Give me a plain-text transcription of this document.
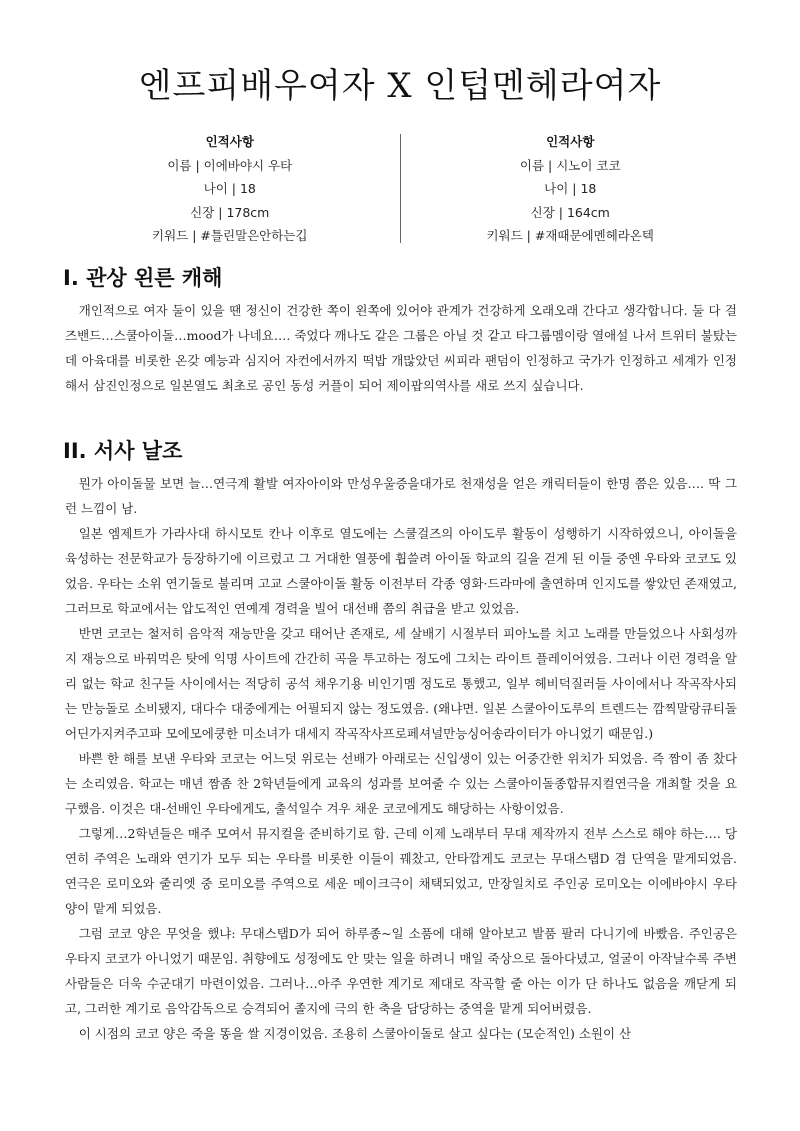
엔프피배우여자 X 인텁멘헤라여자
인적사항
이름 | 이에바야시 우타
나이 | 18
신장 | 178cm
키워드 | #틀린말은안하는깁
인적사항
이름 | 시노이 코코
나이 | 18
신장 | 164cm
키워드 | #재때문에멘헤라온텍
I. 관상 왼른 캐해

개인적으로 여자 둘이 있을 땐 정신이 건강한 쪽이 왼쪽에 있어야 관계가 건강하게 오래오래 간다고 생각합니다. 둘 다 걸즈밴드…스쿨아이돌…mood가 나네요…. 죽었다 깨나도 같은 그룹은 아닐 것 같고 타그룹멤이랑 열애설 나서 트위터 불탔는데 아육대를 비롯한 온갖 예능과 심지어 자컨에서까지 떡밥 개많았던 씨피라 팬덤이 인정하고 국가가 인정하고 세계가 인정해서 삼진인정으로 일본열도 최초로 공인 동성 커플이 되어 제이팝의역사를 새로 쓰지 싶습니다.

II. 서사 날조

뭔가 아이돌물 보면 늘…연극계 활발 여자아이와 만성우울증을대가로 천재성을 얻은 캐릭터들이 한명 쯤은 있음…. 딱 그런 느낌이 남.

일본 엠제트가 가라사대 하시모토 칸나 이후로 열도에는 스쿨걸즈의 아이도루 활동이 성행하기 시작하였으니, 아이돌을 육성하는 전문학교가 등장하기에 이르렀고 그 거대한 열풍에 휩쓸려 아이돌 학교의 길을 걷게 된 이들 중엔 우타와 코코도 있었음. 우타는 소위 연기돌로 불리며 고교 스쿨아이돌 활동 이전부터 각종 영화·드라마에 출연하며 인지도를 쌓았던 존재였고, 그러므로 학교에서는 압도적인 연예계 경력을 빌어 대선배 쯤의 취급을 받고 있었음.

반면 코코는 철저히 음악적 재능만을 갖고 태어난 존재로, 세 살배기 시절부터 피아노를 치고 노래를 만들었으나 사회성까지 재능으로 바꿔먹은 탓에 익명 사이트에 간간히 곡을 투고하는 정도에 그치는 라이트 플레이어였음. 그러나 이런 경력을 알 리 없는 학교 친구들 사이에서는 적당히 공석 채우기용 비인기멤 정도로 통했고, 일부 헤비덕질러들 사이에서나 작곡작사되는 만능돌로 소비됐지, 대다수 대중에게는 어필되지 않는 정도였음. (왜냐면. 일본 스쿨아이도루의 트렌드는 깜찍말랑큐티돌 어딘가지켜주고파 모에모에쿵한 미소녀가 대세지 작곡작사프로페셔널만능싱어송라이터가 아니었기 때문임.)

바쁜 한 해를 보낸 우타와 코코는 어느덧 위로는 선배가 아래로는 신입생이 있는 어중간한 위치가 되었음. 즉 짬이 좀 찼다는 소리였음. 학교는 매년 짬좀 찬 2학년들에게 교육의 성과를 보여줄 수 있는 스쿨아이돌종합뮤지컬연극을 개최할 것을 요구했음. 이것은 대-선배인 우타에게도, 출석일수 겨우 채운 코코에게도 해당하는 사항이었음.

그렇게…2학년들은 매주 모여서 뮤지컬을 준비하기로 함. 근데 이제 노래부터 무대 제작까지 전부 스스로 해야 하는…. 당연히 주역은 노래와 연기가 모두 되는 우타를 비롯한 이들이 꿰찼고, 안타깝게도 코코는 무대스탭D 겸 단역을 맡게되었음. 연극은 로미오와 줄리엣 중 로미오를 주역으로 세운 메이크극이 채택되었고, 만장일치로 주인공 로미오는 이에바야시 우타 양이 맡게 되었음.

그럼 코코 양은 무엇을 했냐: 무대스탭D가 되어 하루종~일 소품에 대해 알아보고 발품 팔러 다니기에 바빴음. 주인공은 우타지 코코가 아니었기 때문임. 취향에도 성정에도 안 맞는 일을 하려니 매일 죽상으로 돌아다녔고, 얼굴이 아작날수록 주변 사람들은 더욱 수군대기 마련이었음. 그러나…아주 우연한 계기로 제대로 작곡할 줄 아는 이가 단 하나도 없음을 깨닫게 되고, 그러한 계기로 음악감독으로 승격되어 졸지에 극의 한 축을 담당하는 중역을 맡게 되어버렸음.

이 시점의 코코 양은 죽을 똥을 쌀 지경이었음. 조용히 스쿨아이돌로 살고 싶다는 (모순적인) 소원이 산
